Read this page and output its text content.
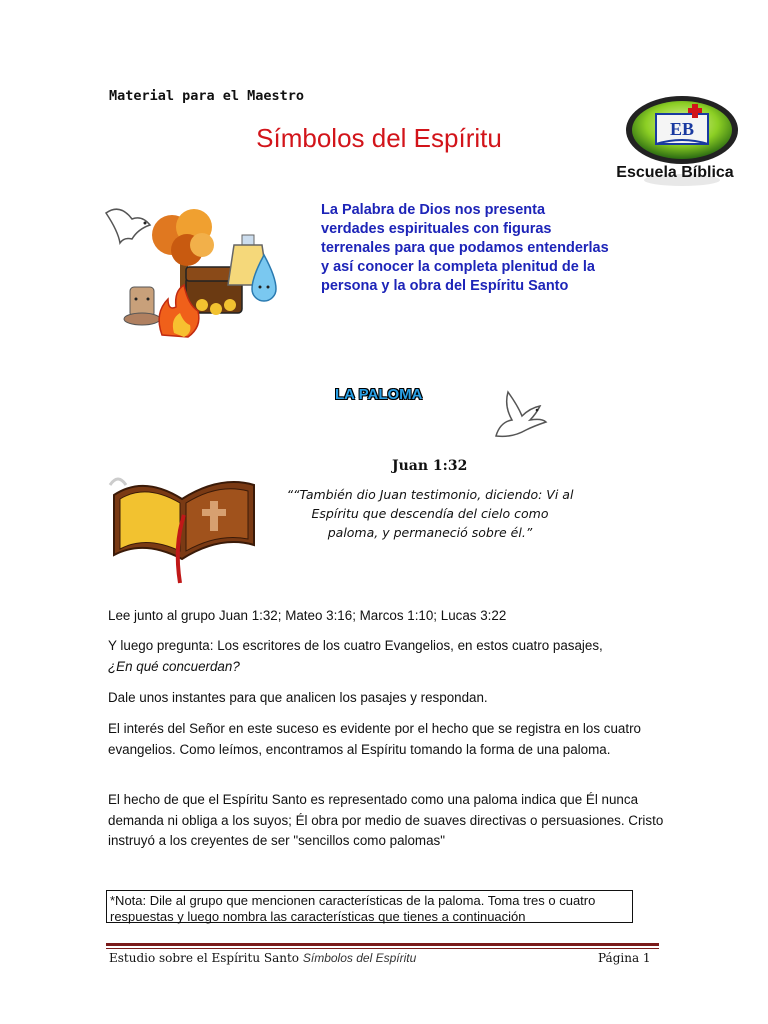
Material para el Maestro
Símbolos del Espíritu	EB
Escuela Bíblica
La Palabra de Dios nos presenta verdades espirituales con figuras terrenales para que podamos entenderlas y así conocer la completa plenitud de la persona y la obra del Espíritu Santo
LA PALOMA
Juan 1:32
““También dio Juan testimonio, diciendo: Vi al Espíritu que descendía del cielo como paloma, y permaneció sobre él.”
Lee junto al grupo Juan 1:32; Mateo 3:16; Marcos 1:10; Lucas 3:22
Y luego pregunta: Los escritores de los cuatro Evangelios, en estos cuatro pasajes,
¿En qué concuerdan?
Dale unos instantes para que analicen los pasajes y respondan.
El interés del Señor en este suceso es evidente por el hecho que se registra en los cuatro evangelios. Como leímos, encontramos al Espíritu tomando la forma de una paloma.
El hecho de que el Espíritu Santo es representado como una paloma indica que Él nunca demanda ni obliga a los suyos; Él obra por medio de suaves directivas o persuasiones. Cristo instruyó a los creyentes de ser "sencillos como palomas"
*Nota: Dile al grupo que mencionen características de la paloma. Toma tres o cuatro respuestas y luego nombra las características que tienes a continuación
Estudio sobre el Espíritu Santo Símbolos del Espíritu	Página 1
